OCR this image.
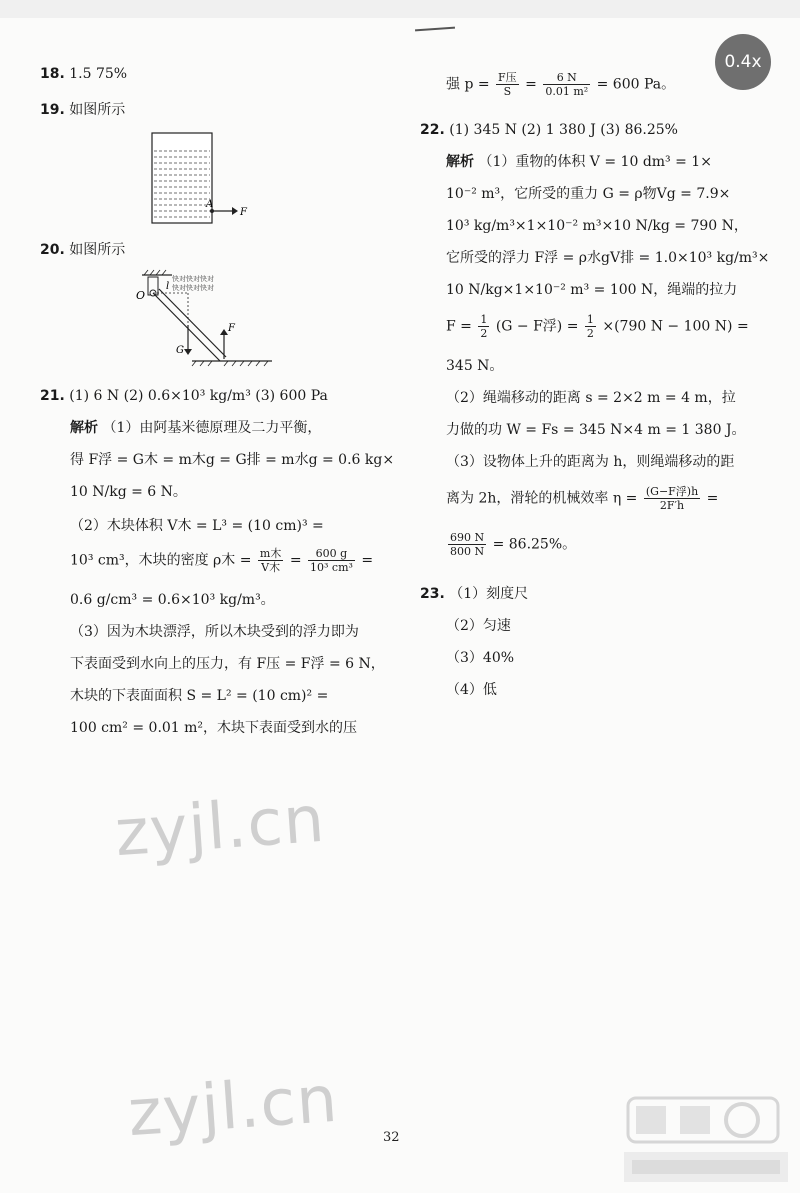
0.4x
18. 1.5 75%
19. 如图所示
A
F
20. 如图所示
O
l
快对快对快对
快对快对快对
G
F
21. (1) 6 N (2) 0.6×10³ kg/m³ (3) 600 Pa
解析 （1）由阿基米德原理及二力平衡，
得 F浮 = G木 = m木g = G排 = m水g = 0.6 kg×
10 N/kg = 6 N。
（2）木块体积 V木 = L³ = (10 cm)³ =
10³ cm³，木块的密度 ρ木 = $\frac{\text{m木}}{\text{V木}} = \frac{600 g}{\text{10³ cm³}}$ =
0.6 g/cm³ = 0.6×10³ kg/m³。
（3）因为木块漂浮，所以木块受到的浮力即为
下表面受到水向上的压力，有 F压 = F浮 = 6 N，
木块的下表面面积 S = L² = (10 cm)² =
100 cm² = 0.01 m²，木块下表面受到水的压
强 $p = \frac{\text{F压}}{S} = \frac{6 N}{\text{0.01 m²}} = 600$ Pa。
22. (1) 345 N (2) 1 380 J (3) 86.25%
解析 （1）重物的体积 V = 10 dm³ = 1×
10⁻² m³，它所受的重力 G = ρ物Vg = 7.9×
10³ kg/m³×1×10⁻² m³×10 N/kg = 790 N，
它所受的浮力 F浮 = ρ水gV排 = 1.0×10³ kg/m³×
10 N/kg×1×10⁻² m³ = 100 N，绳端的拉力
$F = \frac{1}{2} (G - F$浮) = $\frac{1}{2} \times(790$ N − 100 N) =
345 N。
（2）绳端移动的距离 s = 2×2 m = 4 m，拉
力做的功 W = Fs = 345 N×4 m = 1 380 J。
（3）设物体上升的距离为 h，则绳端移动的距
离为 2h，滑轮的机械效率 $\eta = \frac{\text{(G−F浮)h}}{2F'h}$ =
$\frac{690 N}{800 N} = 86.25\%$。
23. （1）刻度尺
（2）匀速
（3）40%
（4）低
zyjl.cn
zyjl.cn	32
